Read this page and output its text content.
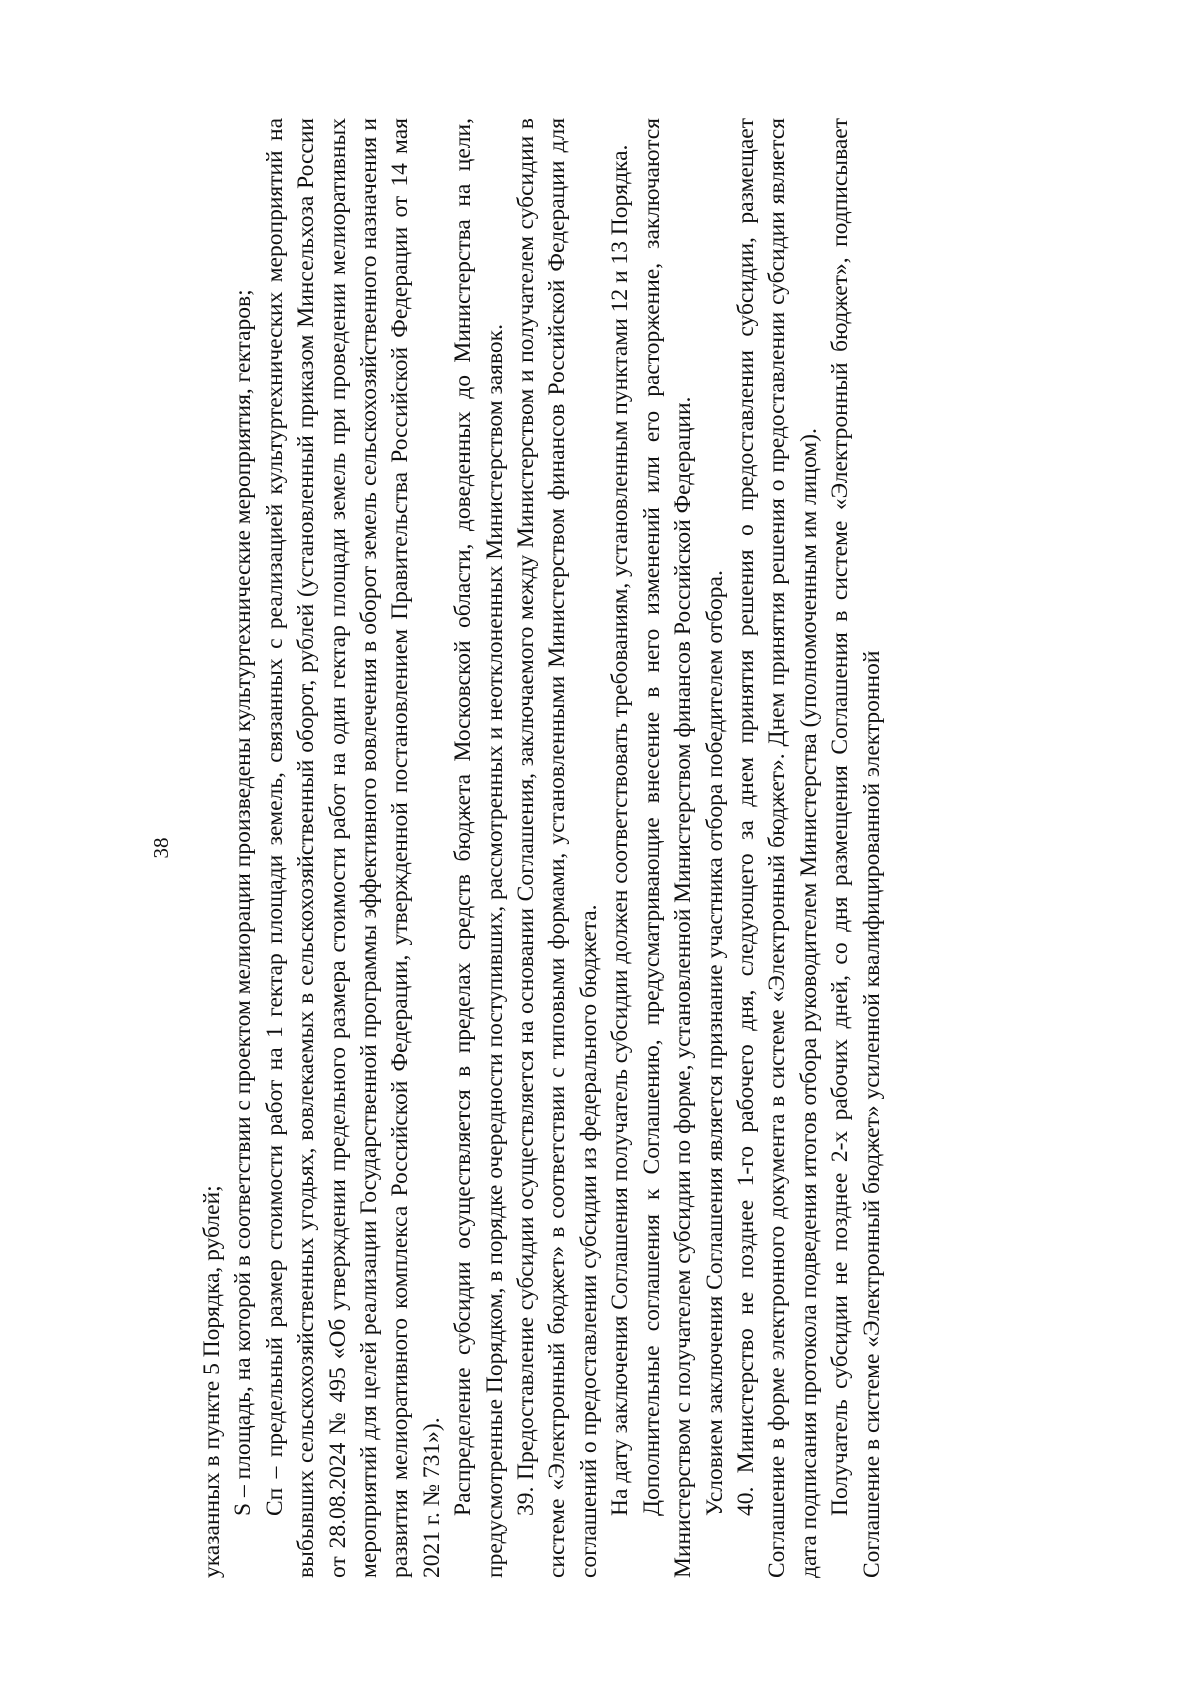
38

указанных в пункте 5 Порядка, рублей; S – площадь, на которой в соответствии с проектом мелиорации произведены культуртехнические мероприятия, гектаров; Сп – предельный размер стоимости работ на 1 гектар площади земель, связанных с реализацией культуртехнических мероприятий на выбывших сельскохозяйственных угодьях, вовлекаемых в сельскохозяйственный оборот, рублей (установленный приказом Минсельхоза России от 28.08.2024 № 495 «Об утверждении предельного размера стоимости работ на один гектар площади земель при проведении мелиоративных мероприятий для целей реализации Государственной программы эффективного вовлечения в оборот земель сельскохозяйственного назначения и развития мелиоративного комплекса Российской Федерации, утвержденной постановлением Правительства Российской Федерации от 14 мая 2021 г. № 731»). Распределение субсидии осуществляется в пределах средств бюджета Московской области, доведенных до Министерства на цели, предусмотренные Порядком, в порядке очередности поступивших, рассмотренных и неотклоненных Министерством заявок. 39. Предоставление субсидии осуществляется на основании Соглашения, заключаемого между Министерством и получателем субсидии в системе «Электронный бюджет» в соответствии с типовыми формами, установленными Министерством финансов Российской Федерации для соглашений о предоставлении субсидии из федерального бюджета. На дату заключения Соглашения получатель субсидии должен соответствовать требованиям, установленным пунктами 12 и 13 Порядка. Дополнительные соглашения к Соглашению, предусматривающие внесение в него изменений или его расторжение, заключаются Министерством с получателем субсидии по форме, установленной Министерством финансов Российской Федерации. Условием заключения Соглашения является признание участника отбора победителем отбора. 40. Министерство не позднее 1-го рабочего дня, следующего за днем принятия решения о предоставлении субсидии, размещает Соглашение в форме электронного документа в системе «Электронный бюджет». Днем принятия решения о предоставлении субсидии является дата подписания протокола подведения итогов отбора руководителем Министерства (уполномоченным им лицом). Получатель субсидии не позднее 2-х рабочих дней, со дня размещения Соглашения в системе «Электронный бюджет», подписывает Соглашение в системе «Электронный бюджет» усиленной квалифицированной электронной
